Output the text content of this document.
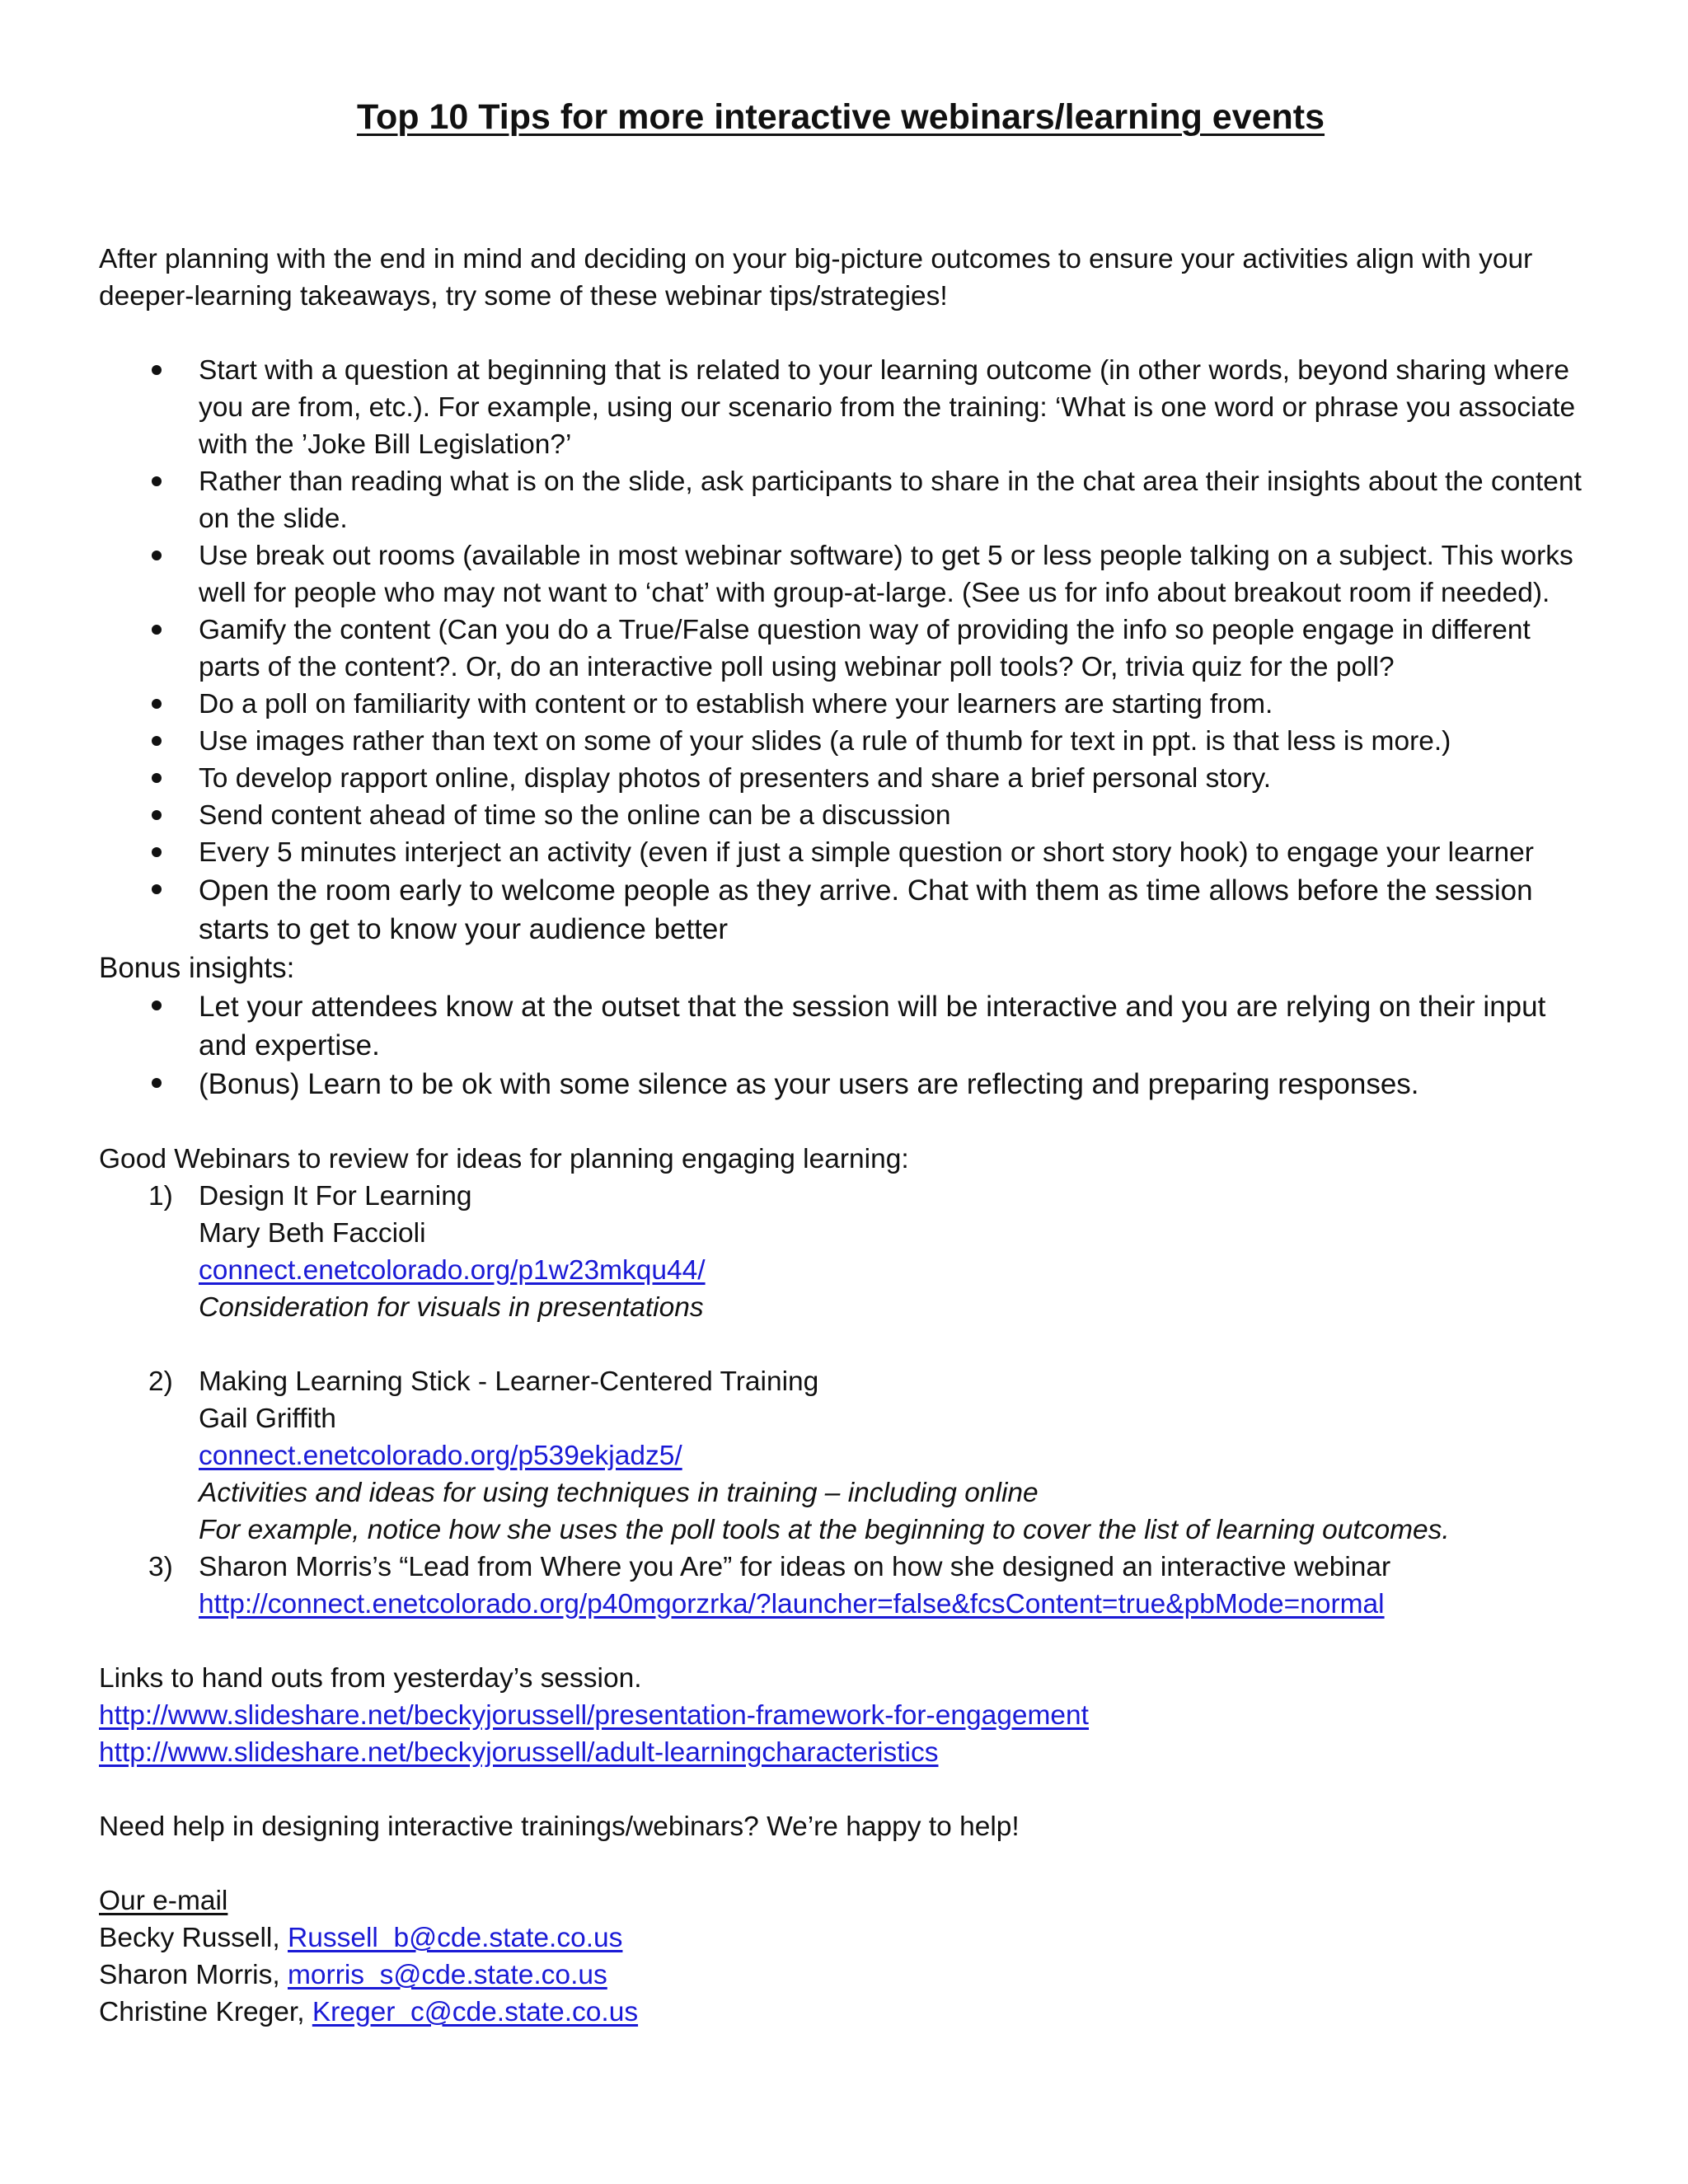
Top 10 Tips for more interactive webinars/learning events

After planning with the end in mind and deciding on your big-picture outcomes to ensure your activities align with your deeper-learning takeaways, try some of these webinar tips/strategies!

Start with a question at beginning that is related to your learning outcome (in other words, beyond sharing where you are from, etc.). For example, using our scenario from the training: ‘What is one word or phrase you associate with the ’Joke Bill Legislation?’
Rather than reading what is on the slide, ask participants to share in the chat area their insights about the content on the slide.
Use break out rooms (available in most webinar software) to get 5 or less people talking on a subject. This works well for people who may not want to ‘chat’ with group-at-large. (See us for info about breakout room if needed).
Gamify the content (Can you do a True/False question way of providing the info so people engage in different parts of the content?. Or, do an interactive poll using webinar poll tools? Or, trivia quiz for the poll?
Do a poll on familiarity with content or to establish where your learners are starting from.
Use images rather than text on some of your slides (a rule of thumb for text in ppt. is that less is more.)
To develop rapport online, display photos of presenters and share a brief personal story.
Send content ahead of time so the online can be a discussion
Every 5 minutes interject an activity (even if just a simple question or short story hook) to engage your learner
Open the room early to welcome people as they arrive. Chat with them as time allows before the session starts to get to know your audience better

Bonus insights:

Let your attendees know at the outset that the session will be interactive and you are relying on their input and expertise.
(Bonus) Learn to be ok with some silence as your users are reflecting and preparing responses.

Good Webinars to review for ideas for planning engaging learning:

1) Design It For Learning
Mary Beth Faccioli
connect.enetcolorado.org/p1w23mkqu44/
Consideration for visuals in presentations
2) Making Learning Stick - Learner-Centered Training
Gail Griffith
connect.enetcolorado.org/p539ekjadz5/
Activities and ideas for using techniques in training – including online
For example, notice how she uses the poll tools at the beginning to cover the list of learning outcomes.
3) Sharon Morris’s “Lead from Where you Are” for ideas on how she designed an interactive webinar
http://connect.enetcolorado.org/p40mgorzrka/?launcher=false&fcsContent=true&pbMode=normal

Links to hand outs from yesterday’s session.

http://www.slideshare.net/beckyjorussell/presentation-framework-for-engagement
http://www.slideshare.net/beckyjorussell/adult-learningcharacteristics

Need help in designing interactive trainings/webinars? We’re happy to help!

Our e-mail

Becky Russell, Russell_b@cde.state.co.us
Sharon Morris, morris_s@cde.state.co.us
Christine Kreger, Kreger_c@cde.state.co.us
